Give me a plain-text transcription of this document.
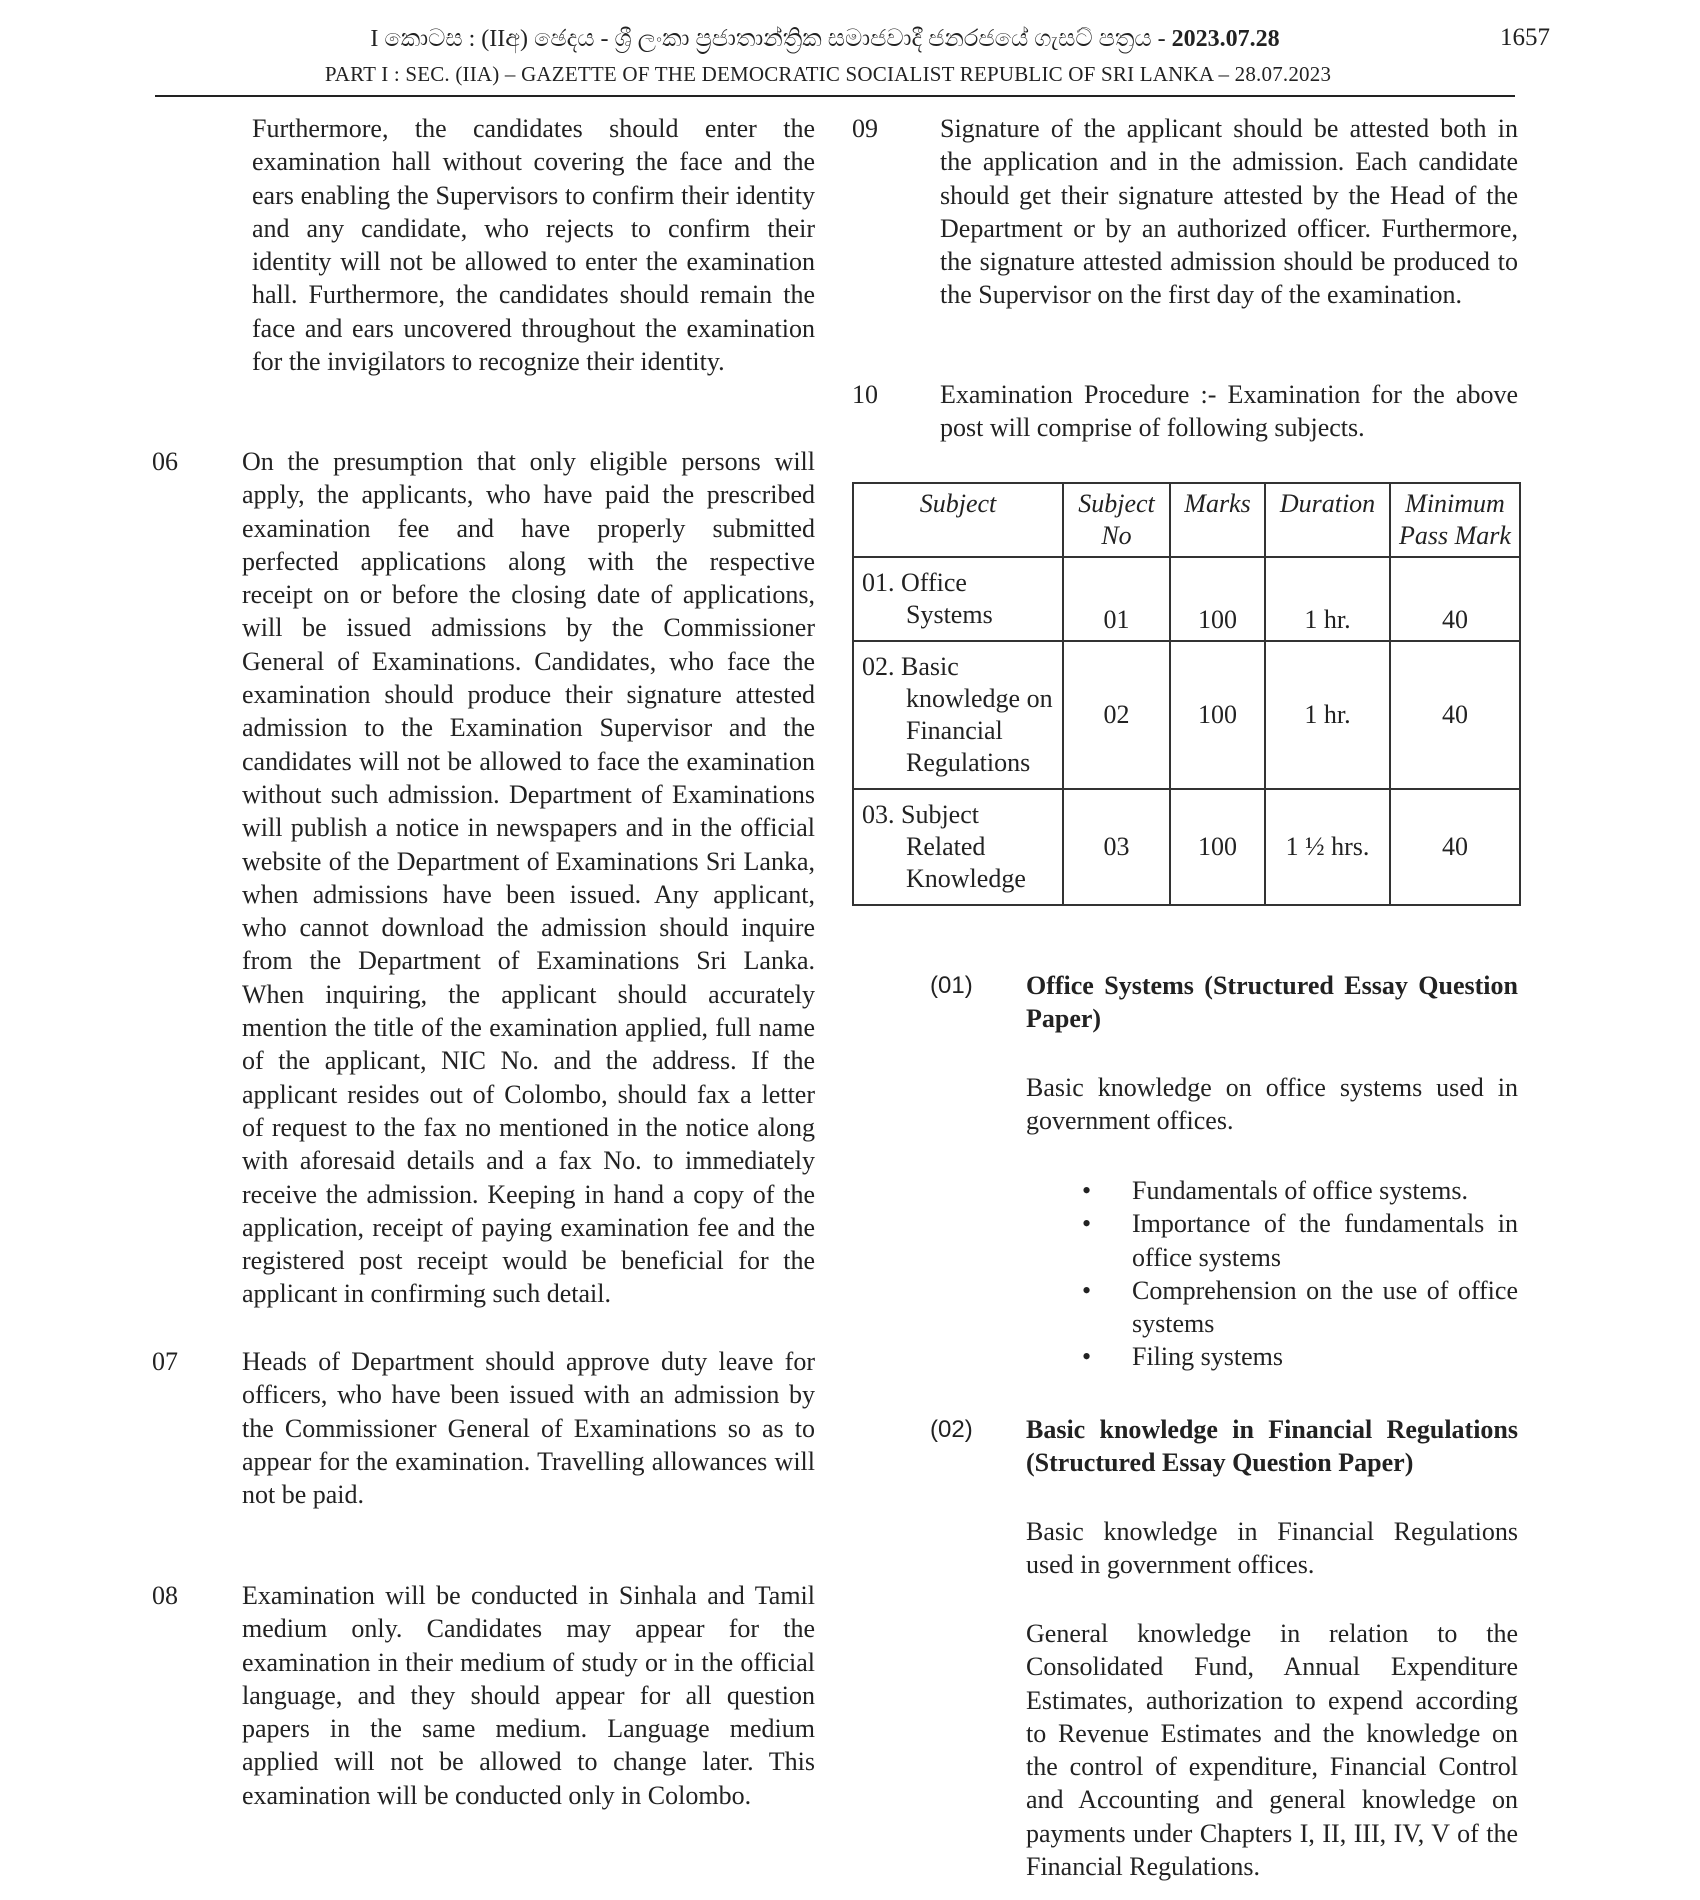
I කොටස : (IIඅ) ඡෙදය - ශ්‍රී ලංකා ප්‍රජාතාන්ත්‍රික සමාජවාදී ජනරජයේ ගැසට් පත්‍රය - 2023.07.28	1657
PART I : SEC. (IIA) – GAZETTE OF THE DEMOCRATIC SOCIALIST REPUBLIC OF SRI LANKA – 28.07.2023
Furthermore, the candidates should enter the examination hall without covering the face and the ears enabling the Supervisors to confirm their identity and any candidate, who rejects to confirm their identity will not be allowed to enter the examination hall. Furthermore, the candidates should remain the face and ears uncovered throughout the examination for the invigilators to recognize their identity.
06 On the presumption that only eligible persons will apply, the applicants, who have paid the prescribed examination fee and have properly submitted perfected applications along with the respective receipt on or before the closing date of applications, will be issued admissions by the Commissioner General of Examinations. Candidates, who face the examination should produce their signature attested admission to the Examination Supervisor and the candidates will not be allowed to face the examination without such admission. Department of Examinations will publish a notice in newspapers and in the official website of the Department of Examinations Sri Lanka, when admissions have been issued. Any applicant, who cannot download the admission should inquire from the Department of Examinations Sri Lanka. When inquiring, the applicant should accurately mention the title of the examination applied, full name of the applicant, NIC No. and the address. If the applicant resides out of Colombo, should fax a letter of request to the fax no mentioned in the notice along with aforesaid details and a fax No. to immediately receive the admission. Keeping in hand a copy of the application, receipt of paying examination fee and the registered post receipt would be beneficial for the applicant in confirming such detail.
07 Heads of Department should approve duty leave for officers, who have been issued with an admission by the Commissioner General of Examinations so as to appear for the examination. Travelling allowances will not be paid.
08 Examination will be conducted in Sinhala and Tamil medium only. Candidates may appear for the examination in their medium of study or in the official language, and they should appear for all question papers in the same medium. Language medium applied will not be allowed to change later. This examination will be conducted only in Colombo.
09 Signature of the applicant should be attested both in the application and in the admission. Each candidate should get their signature attested by the Head of the Department or by an authorized officer. Furthermore, the signature attested admission should be produced to the Supervisor on the first day of the examination.
10 Examination Procedure :- Examination for the above post will comprise of following subjects.
Subject	Subject No	Marks	Duration	Minimum Pass Mark

01. Office
Systems	01	100	1 hr.	40

02. Basic
knowledge on Financial Regulations	02	100	1 hr.	40

03. Subject
Related Knowledge	03	100	1 ½ hrs.	40
(01) Office Systems (Structured Essay Question Paper)
Basic knowledge on office systems used in government offices.
• Fundamentals of office systems.
• Importance of the fundamentals in office systems
• Comprehension on the use of office systems
• Filing systems
(02) Basic knowledge in Financial Regulations (Structured Essay Question Paper)
Basic knowledge in Financial Regulations used in government offices.
General knowledge in relation to the Consolidated Fund, Annual Expenditure Estimates, authorization to expend according to Revenue Estimates and the knowledge on the control of expenditure, Financial Control and Accounting and general knowledge on payments under Chapters I, II, III, IV, V of the Financial Regulations.
